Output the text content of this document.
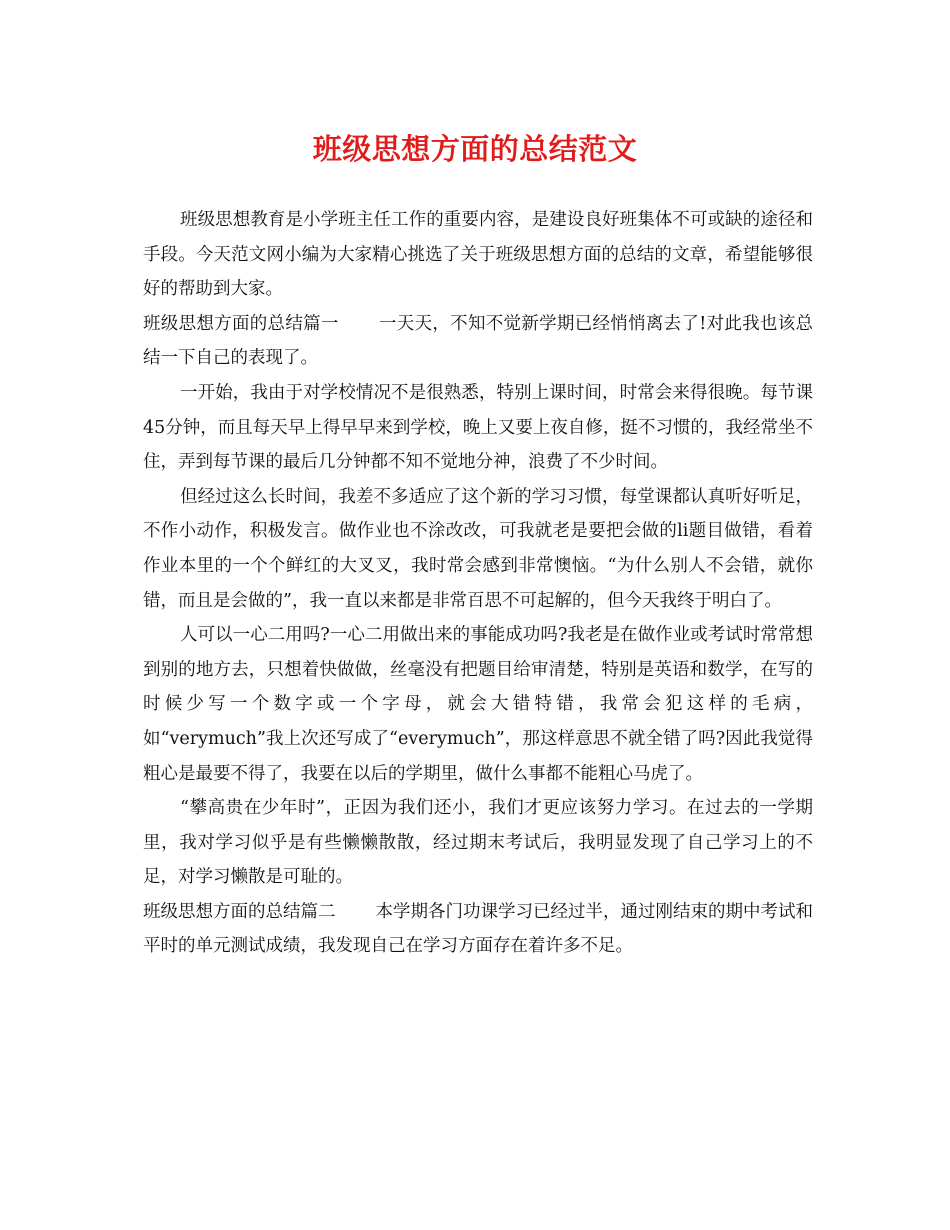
班级思想方面的总结范文

班级思想教育是小学班主任工作的重要内容，是建设良好班集体不可或缺的途径和手段。今天范文网小编为大家精心挑选了关于班级思想方面的总结的文章，希望能够很好的帮助到大家。

班级思想方面的总结篇一 一天天，不知不觉新学期已经悄悄离去了!对此我也该总结一下自己的表现了。

一开始，我由于对学校情况不是很熟悉，特别上课时间，时常会来得很晚。每节课45分钟，而且每天早上得早早来到学校，晚上又要上夜自修，挺不习惯的，我经常坐不住，弄到每节课的最后几分钟都不知不觉地分神，浪费了不少时间。

但经过这么长时间，我差不多适应了这个新的学习习惯，每堂课都认真听好听足，不作小动作，积极发言。做作业也不涂改改，可我就老是要把会做的li题目做错，看着作业本里的一个个鲜红的大叉叉，我时常会感到非常懊恼。“为什么别人不会错，就你错，而且是会做的”，我一直以来都是非常百思不可起解的，但今天我终于明白了。

人可以一心二用吗?一心二用做出来的事能成功吗?我老是在做作业或考试时常常想到别的地方去，只想着快做做，丝毫没有把题目给审清楚，特别是英语和数学，在写的时候少写一个数字或一个字母，就会大错特错，我常会犯这样的毛病，如“verymuch”我上次还写成了“everymuch”，那这样意思不就全错了吗?因此我觉得粗心是最要不得了，我要在以后的学期里，做什么事都不能粗心马虎了。

“攀高贵在少年时”，正因为我们还小，我们才更应该努力学习。在过去的一学期里，我对学习似乎是有些懒懒散散，经过期末考试后，我明显发现了自己学习上的不足，对学习懒散是可耻的。

班级思想方面的总结篇二 本学期各门功课学习已经过半，通过刚结束的期中考试和平时的单元测试成绩，我发现自己在学习方面存在着许多不足。
